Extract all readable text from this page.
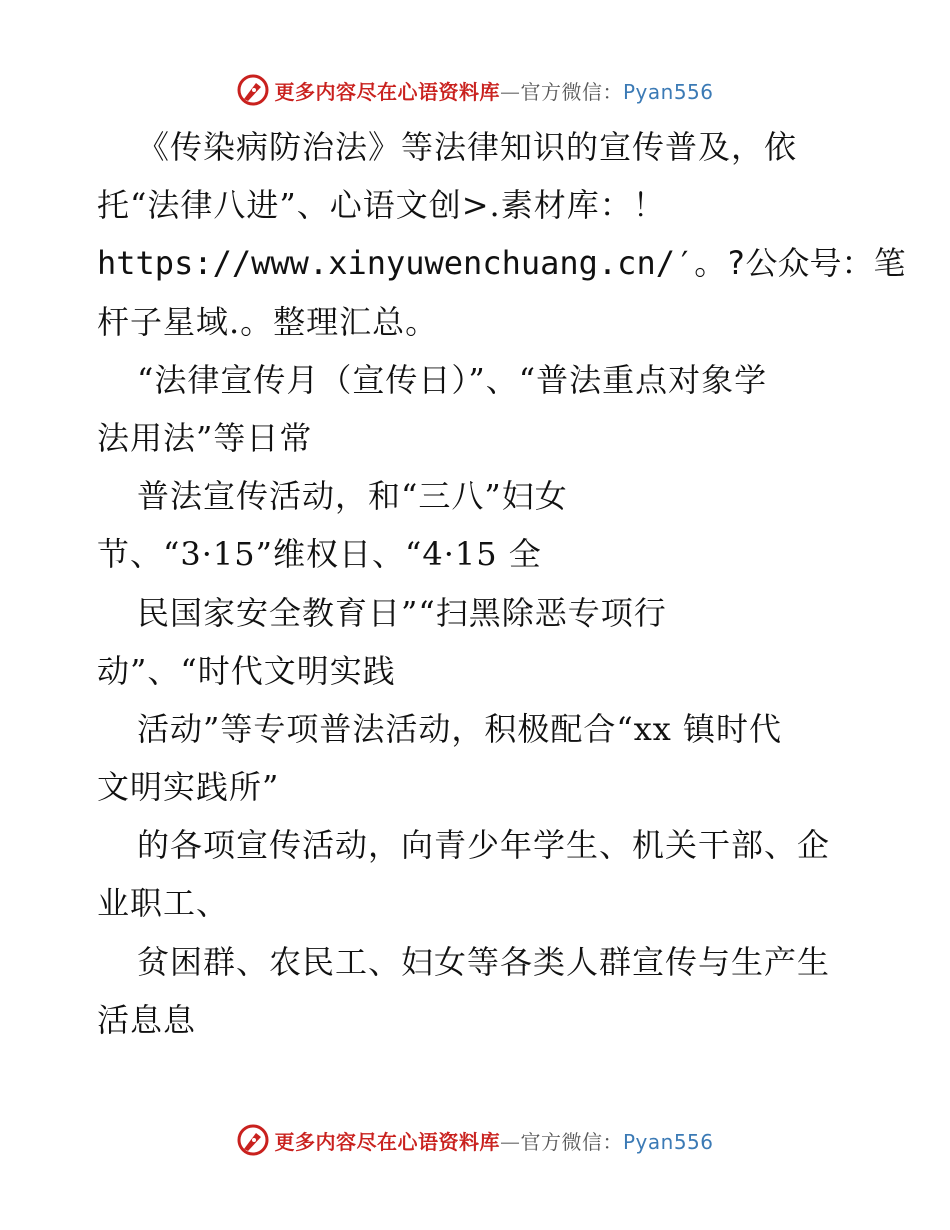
更多内容尽在心语资料库—官方微信：Pyan556
《传染病防治法》等法律知识的宣传普及，依
托“法律八进”、心语文创>.素材库：！
https://www.xinyuwenchuang.cn/′。?公众号：笔
杆子星域.。整理汇总。
“法律宣传月（宣传日）”、“普法重点对象学
法用法”等日常
普法宣传活动，和“三八”妇女
节、“3·15”维权日、“4·15 全
民国家安全教育日”“扫黑除恶专项行
动”、“时代文明实践
活动”等专项普法活动，积极配合“xx 镇时代
文明实践所”
的各项宣传活动，向青少年学生、机关干部、企
业职工、
贫困群、农民工、妇女等各类人群宣传与生产生
活息息
更多内容尽在心语资料库—官方微信：Pyan556
